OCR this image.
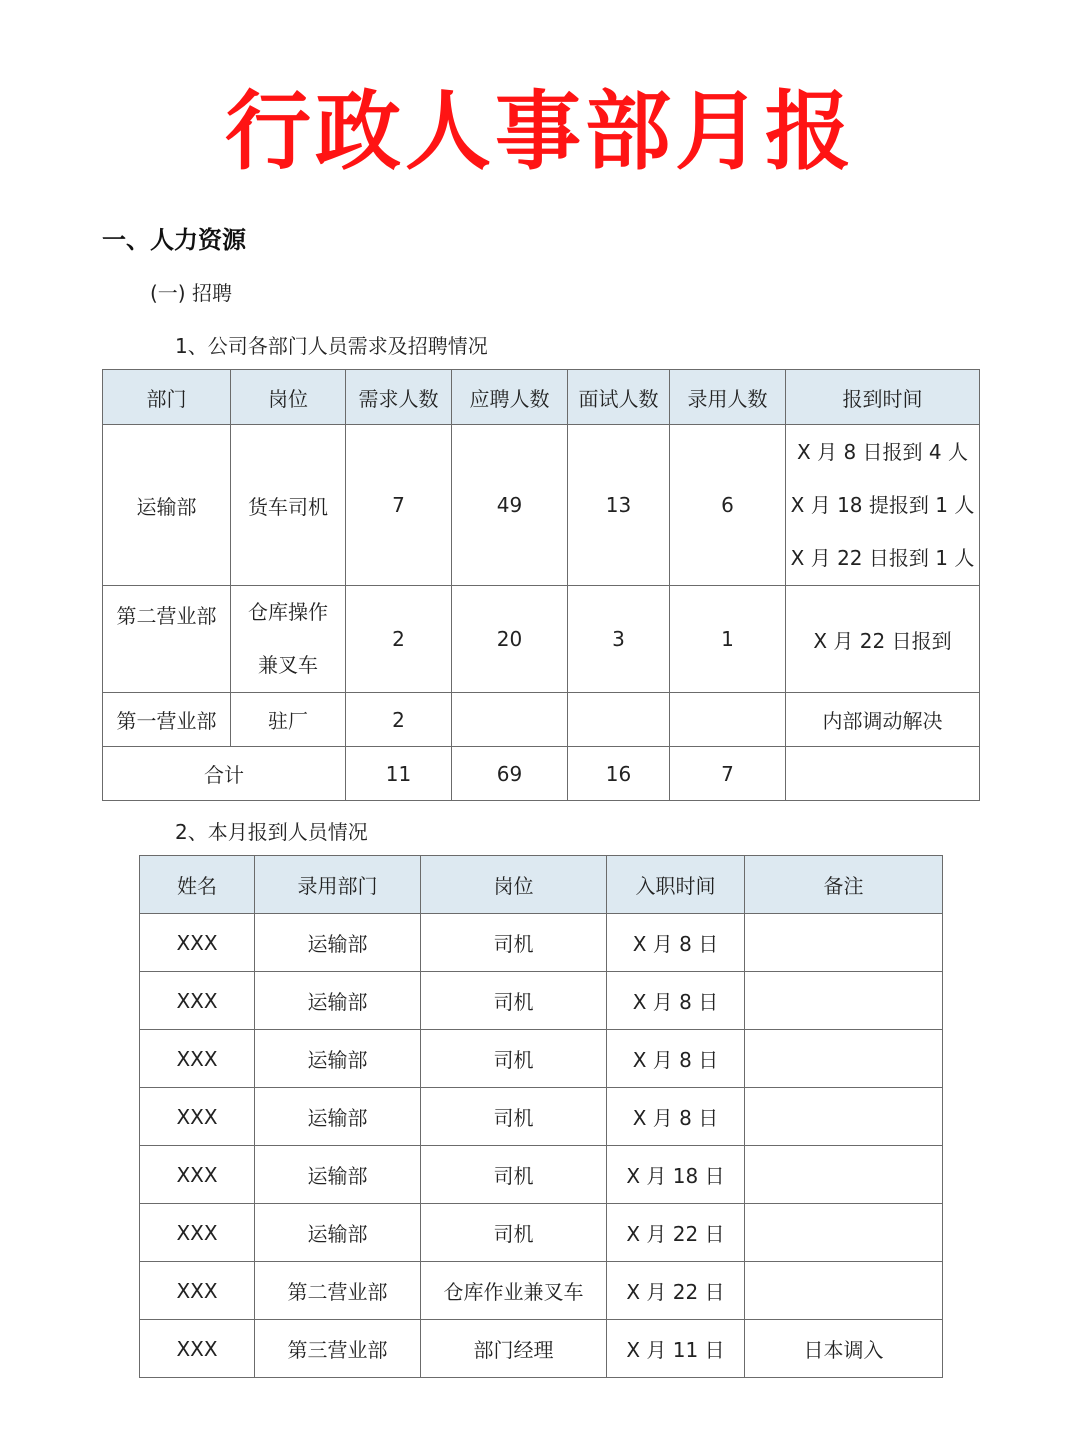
行政人事部月报
一、人力资源
(一) 招聘
1、公司各部门人员需求及招聘情况
部门	岗位	需求人数	应聘人数	面试人数	录用人数	报到时间
运输部	货车司机	7	49	13	6	X 月 8 日报到 4 人
X 月 18 提报到 1 人
X 月 22 日报到 1 人

第二营业部	仓库操作
兼叉车	2	20	3	1	X 月 22 日报到
第一营业部	驻厂	2				内部调动解决
合计		11	69	16	7	
2、本月报到人员情况
姓名	录用部门	岗位	入职时间	备注
XXX	运输部	司机	X 月 8 日	
XXX	运输部	司机	X 月 8 日	
XXX	运输部	司机	X 月 8 日	
XXX	运输部	司机	X 月 8 日	
XXX	运输部	司机	X 月 18 日	
XXX	运输部	司机	X 月 22 日	
XXX	第二营业部	仓库作业兼叉车	X 月 22 日	
XXX	第三营业部	部门经理	X 月 11 日	日本调入
